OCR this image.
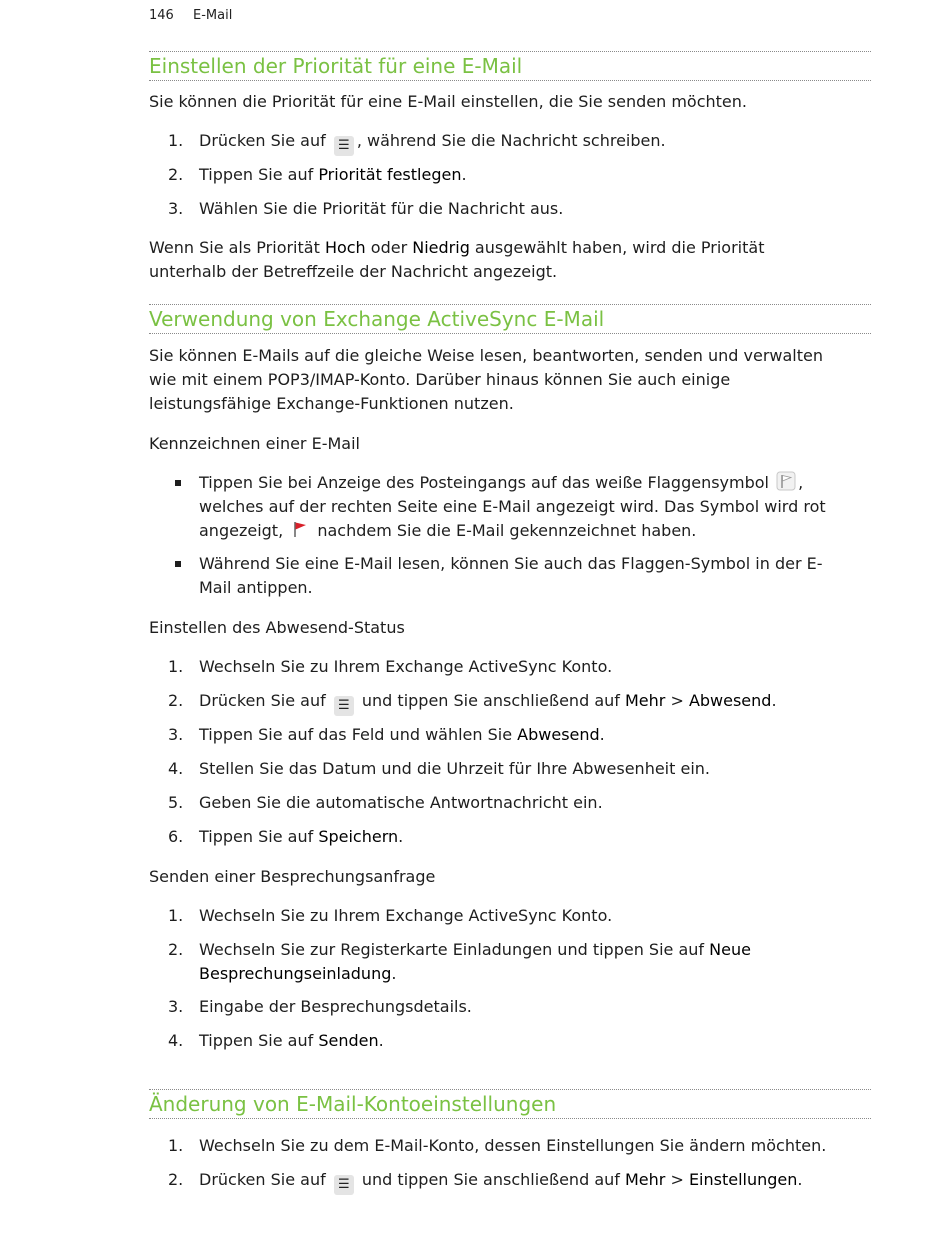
146 E-Mail
Einstellen der Priorität für eine E-Mail

Sie können die Priorität für eine E-Mail einstellen, die Sie senden möchten.

1. Drücken Sie auf ☰ , während Sie die Nachricht schreiben.
2. Tippen Sie auf Priorität festlegen.
3. Wählen Sie die Priorität für die Nachricht aus.

Wenn Sie als Priorität Hoch oder Niedrig ausgewählt haben, wird die Priorität

unterhalb der Betreffzeile der Nachricht angezeigt.

Verwendung von Exchange ActiveSync E-Mail

Sie können E-Mails auf die gleiche Weise lesen, beantworten, senden und verwalten

wie mit einem POP3/IMAP-Konto. Darüber hinaus können Sie auch einige

leistungsfähige Exchange-Funktionen nutzen.

Kennzeichnen einer E-Mail

Tippen Sie bei Anzeige des Posteingangs auf das weiße Flaggensymbol ,
welches auf der rechten Seite eine E-Mail angezeigt wird. Das Symbol wird rot
angezeigt,  nachdem Sie die E-Mail gekennzeichnet haben.
Während Sie eine E-Mail lesen, können Sie auch das Flaggen-Symbol in der E-
Mail antippen.

Einstellen des Abwesend-Status

1. Wechseln Sie zu Ihrem Exchange ActiveSync Konto.
2. Drücken Sie auf ☰ und tippen Sie anschließend auf Mehr > Abwesend.
3. Tippen Sie auf das Feld und wählen Sie Abwesend.
4. Stellen Sie das Datum und die Uhrzeit für Ihre Abwesenheit ein.
5. Geben Sie die automatische Antwortnachricht ein.
6. Tippen Sie auf Speichern.

Senden einer Besprechungsanfrage

1. Wechseln Sie zu Ihrem Exchange ActiveSync Konto.
2. Wechseln Sie zur Registerkarte Einladungen und tippen Sie auf Neue
Besprechungseinladung.
3. Eingabe der Besprechungsdetails.
4. Tippen Sie auf Senden.
Änderung von E-Mail-Kontoeinstellungen
1. Wechseln Sie zu dem E-Mail-Konto, dessen Einstellungen Sie ändern möchten.
2. Drücken Sie auf ☰ und tippen Sie anschließend auf Mehr > Einstellungen.
